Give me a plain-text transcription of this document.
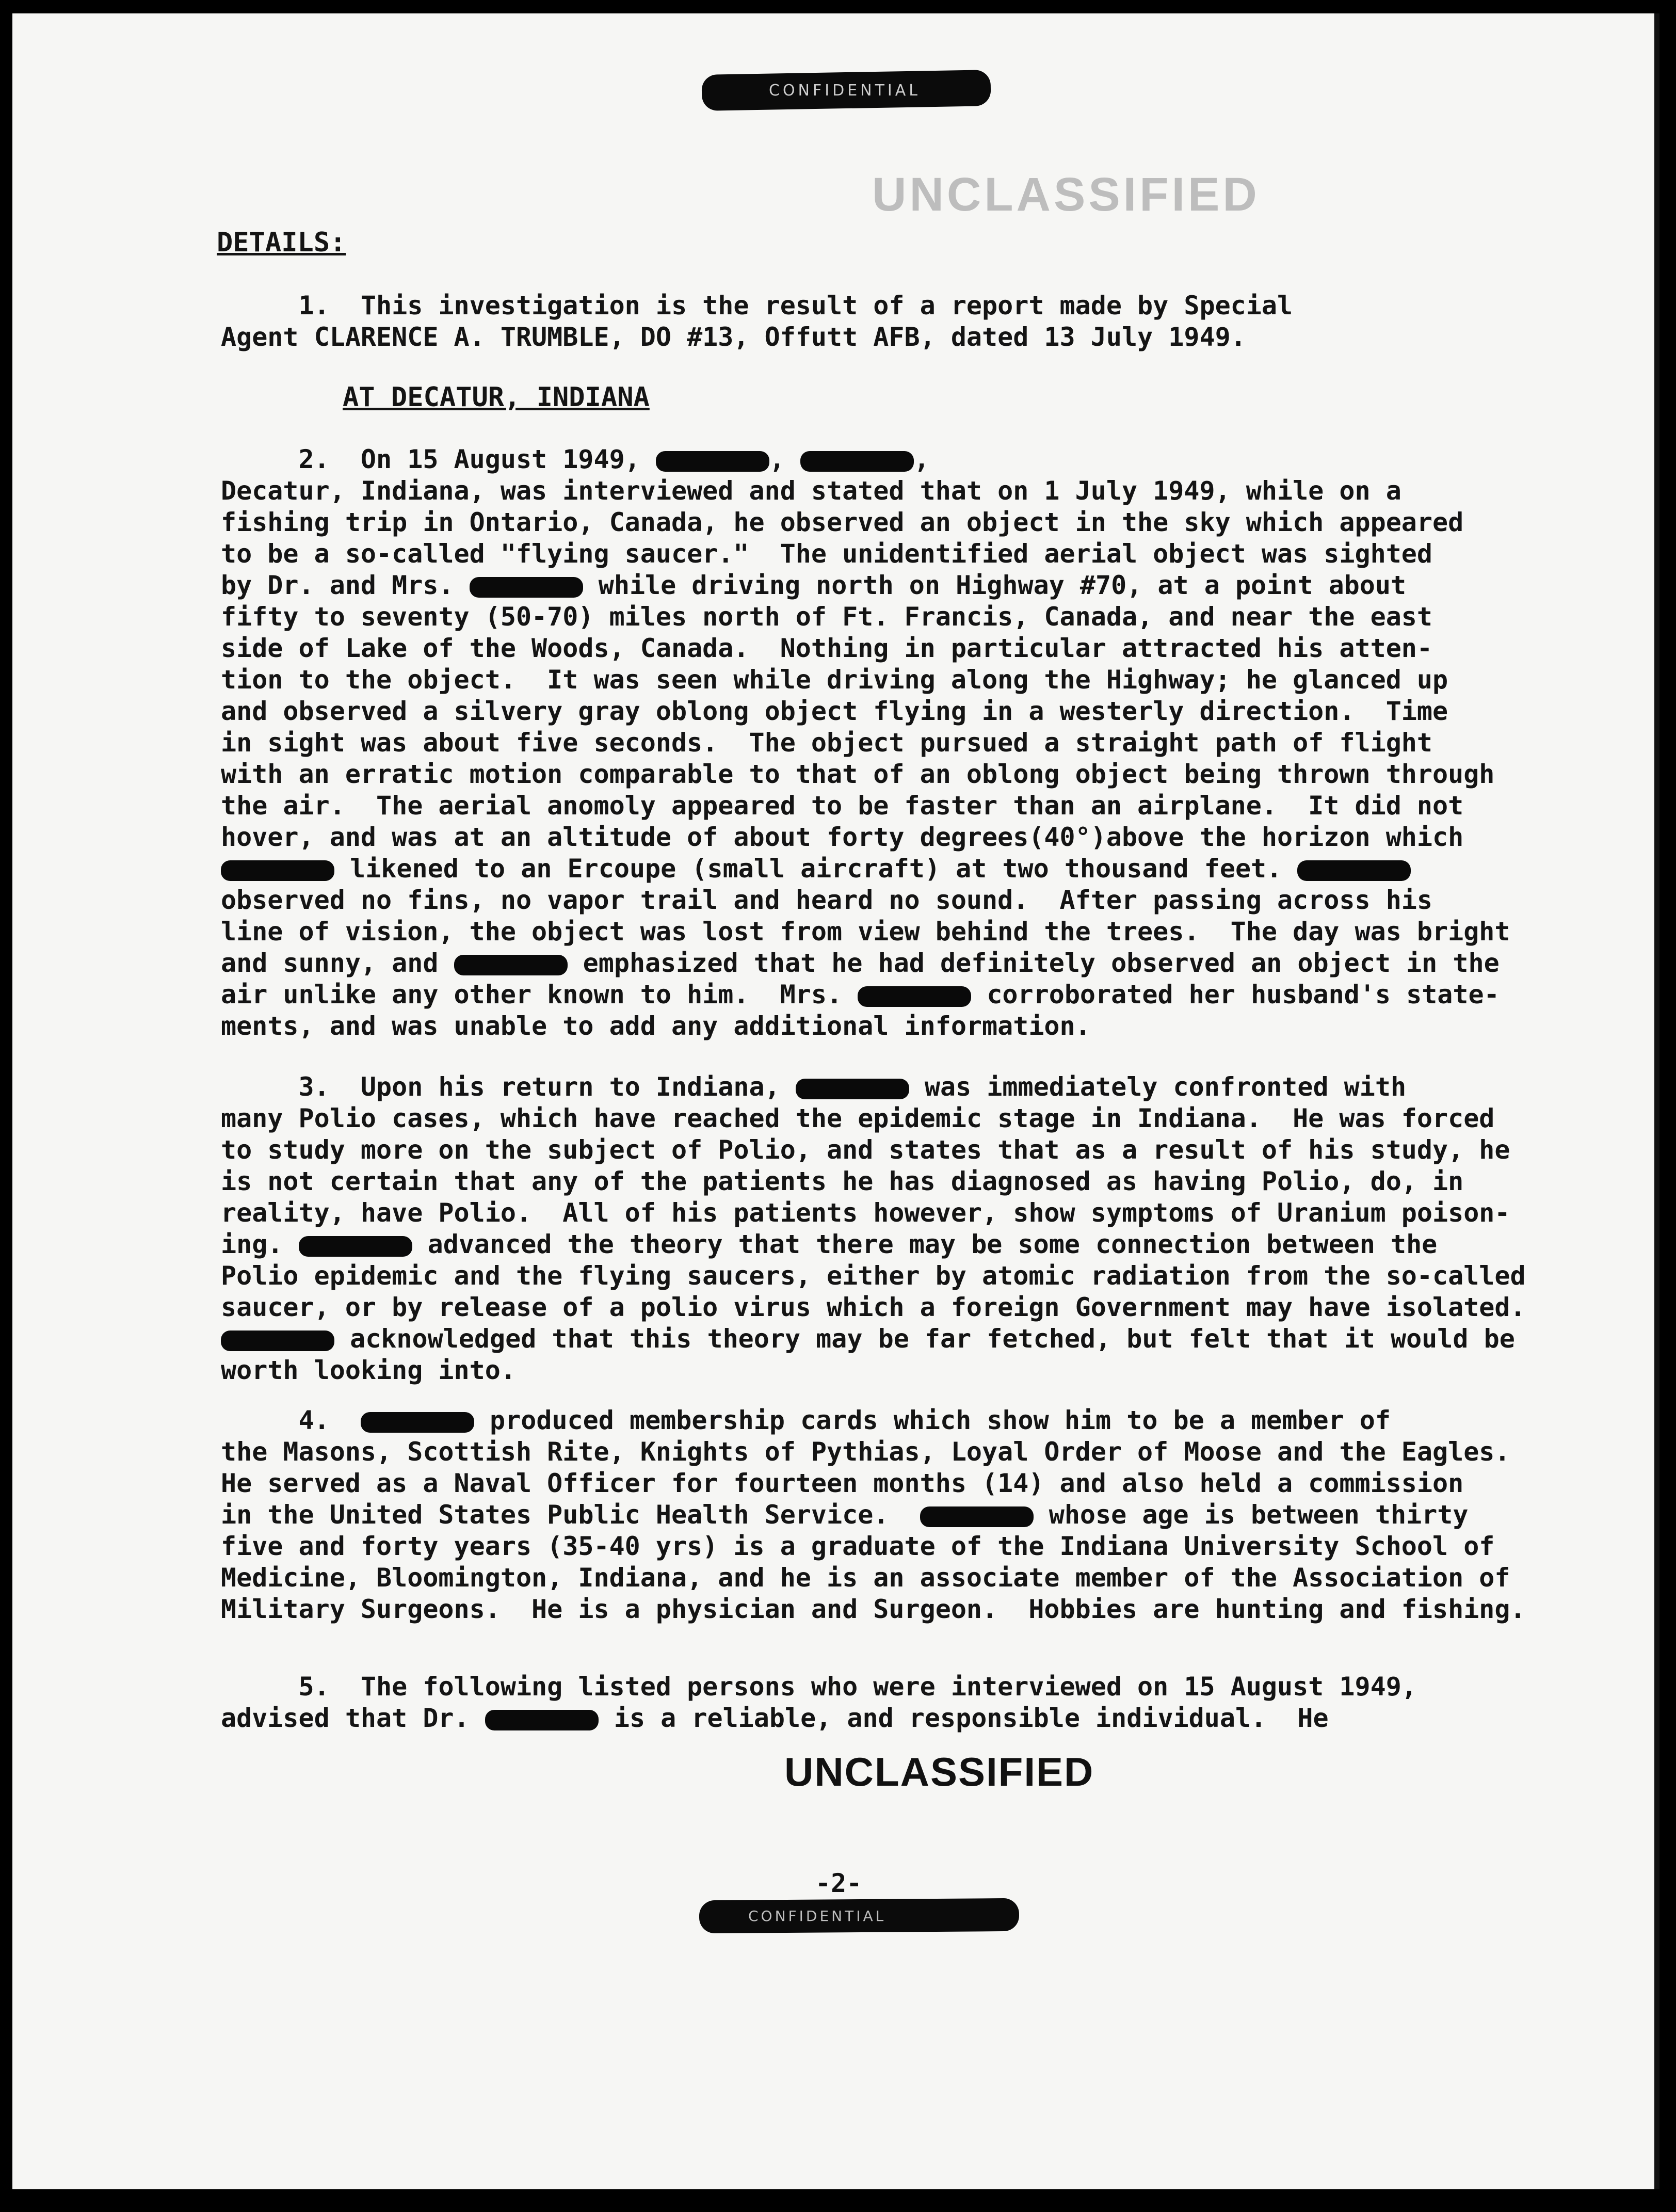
CONFIDENTIAL
UNCLASSIFIED
DETAILS:
1.  This investigation is the result of a report made by Special
Agent CLARENCE A. TRUMBLE, DO #13, Offutt AFB, dated 13 July 1949.
AT DECATUR, INDIANA
2.  On 15 August 1949,	,	,
Decatur, Indiana, was interviewed and stated that on 1 July 1949, while on a
fishing trip in Ontario, Canada, he observed an object in the sky which appeared
to be a so-called "flying saucer."  The unidentified aerial object was sighted
by Dr. and Mrs.	while driving north on Highway #70, at a point about
fifty to seventy (50-70) miles north of Ft. Francis, Canada, and near the east
side of Lake of the Woods, Canada.  Nothing in particular attracted his atten-
tion to the object.  It was seen while driving along the Highway; he glanced up
and observed a silvery gray oblong object flying in a westerly direction.  Time
in sight was about five seconds.  The object pursued a straight path of flight
with an erratic motion comparable to that of an oblong object being thrown through
the air.  The aerial anomoly appeared to be faster than an airplane.  It did not
hover, and was at an altitude of about forty degrees(40°)above the horizon which
likened to an Ercoupe (small aircraft) at two thousand feet.
observed no fins, no vapor trail and heard no sound.  After passing across his
line of vision, the object was lost from view behind the trees.  The day was bright
and sunny, and	emphasized that he had definitely observed an object in the
air unlike any other known to him.  Mrs.	corroborated her husband's state-
ments, and was unable to add any additional information.
3.  Upon his return to Indiana,	was immediately confronted with
many Polio cases, which have reached the epidemic stage in Indiana.  He was forced
to study more on the subject of Polio, and states that as a result of his study, he
is not certain that any of the patients he has diagnosed as having Polio, do, in
reality, have Polio.  All of his patients however, show symptoms of Uranium poison-
ing.	advanced the theory that there may be some connection between the
Polio epidemic and the flying saucers, either by atomic radiation from the so-called
saucer, or by release of a polio virus which a foreign Government may have isolated.
acknowledged that this theory may be far fetched, but felt that it would be
worth looking into.
4.	produced membership cards which show him to be a member of
the Masons, Scottish Rite, Knights of Pythias, Loyal Order of Moose and the Eagles.
He served as a Naval Officer for fourteen months (14) and also held a commission
in the United States Public Health Service.	whose age is between thirty
five and forty years (35-40 yrs) is a graduate of the Indiana University School of
Medicine, Bloomington, Indiana, and he is an associate member of the Association of
Military Surgeons.  He is a physician and Surgeon.  Hobbies are hunting and fishing.
5.  The following listed persons who were interviewed on 15 August 1949,
advised that Dr.	is a reliable, and responsible individual.  He
UNCLASSIFIED
-2-
CONFIDENTIAL
